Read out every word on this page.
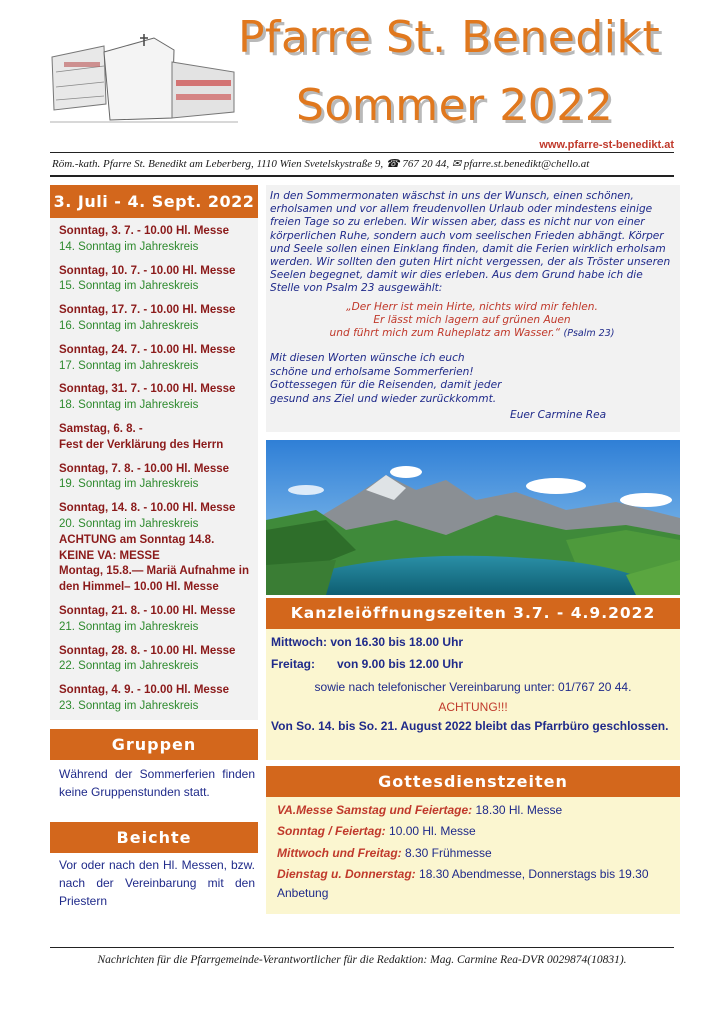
Pfarre St. Benedikt
Sommer 2022
www.pfarre-st-benedikt.at
Röm.-kath. Pfarre St. Benedikt am Leberberg, 1110 Wien Svetelskystraße 9, ☎ 767 20 44, ✉ pfarre.st.benedikt@chello.at
3. Juli - 4. Sept. 2022
Sonntag, 3. 7. - 10.00 Hl. Messe
14. Sonntag im Jahreskreis
Sonntag, 10. 7. - 10.00 Hl. Messe
15. Sonntag im Jahreskreis
Sonntag, 17. 7. - 10.00 Hl. Messe
16. Sonntag im Jahreskreis
Sonntag, 24. 7. - 10.00 Hl. Messe
17. Sonntag im Jahreskreis
Sonntag, 31. 7. - 10.00 Hl. Messe
18. Sonntag im Jahreskreis
Samstag, 6. 8. -
Fest der Verklärung des Herrn
Sonntag, 7. 8. - 10.00 Hl. Messe
19. Sonntag im Jahreskreis
Sonntag, 14. 8. - 10.00 Hl. Messe
20. Sonntag im Jahreskreis
ACHTUNG am Sonntag 14.8.
KEINE VA: MESSE
Montag, 15.8.— Mariä Aufnahme in den Himmel– 10.00 Hl. Messe
Sonntag, 21. 8. - 10.00 Hl. Messe
21. Sonntag im Jahreskreis
Sonntag, 28. 8. - 10.00 Hl. Messe
22. Sonntag im Jahreskreis
Sonntag, 4. 9. - 10.00 Hl. Messe
23. Sonntag im Jahreskreis
Gruppen
Während der Sommerferien finden keine Gruppenstunden statt.
Beichte
Vor oder nach den Hl. Messen, bzw. nach der Vereinbarung mit den Priestern
In den Sommermonaten wäschst in uns der Wunsch, einen schönen, erholsamen und vor allem freudenvollen Urlaub oder mindestens einige freien Tage so zu erleben. Wir wissen aber, dass es nicht nur von einer körperlichen Ruhe, sondern auch vom seelischen Frieden abhängt. Körper und Seele sollen einen Einklang finden, damit die Ferien wirklich erholsam werden. Wir sollten den guten Hirt nicht vergessen, der als Tröster unseren Seelen begegnet, damit wir dies erleben. Aus dem Grund habe ich die Stelle von Psalm 23 ausgewählt:
„Der Herr ist mein Hirte, nichts wird mir fehlen.
Er lässt mich lagern auf grünen Auen
und führt mich zum Ruheplatz am Wasser.“ (Psalm 23)
Mit diesen Worten wünsche ich euch
schöne und erholsame Sommerferien!
Gottessegen für die Reisenden, damit jeder
gesund ans Ziel und wieder zurückkommt.
Euer Carmine Rea
Kanzleiöffnungszeiten 3.7. - 4.9.2022
Mittwoch: von 16.30 bis 18.00 Uhr
Freitag: von 9.00 bis 12.00 Uhr
sowie nach telefonischer Vereinbarung unter: 01/767 20 44.
ACHTUNG!!!
Von So. 14. bis So. 21. August 2022 bleibt das Pfarrbüro geschlossen.
Gottesdienstzeiten
VA.Messe Samstag und Feiertage: 18.30 Hl. Messe
Sonntag / Feiertag: 10.00 Hl. Messe
Mittwoch und Freitag: 8.30 Frühmesse
Dienstag u. Donnerstag: 18.30 Abendmesse, Donnerstags bis 19.30 Anbetung
Nachrichten für die Pfarrgemeinde-Verantwortlicher für die Redaktion: Mag. Carmine Rea-DVR 0029874(10831).
